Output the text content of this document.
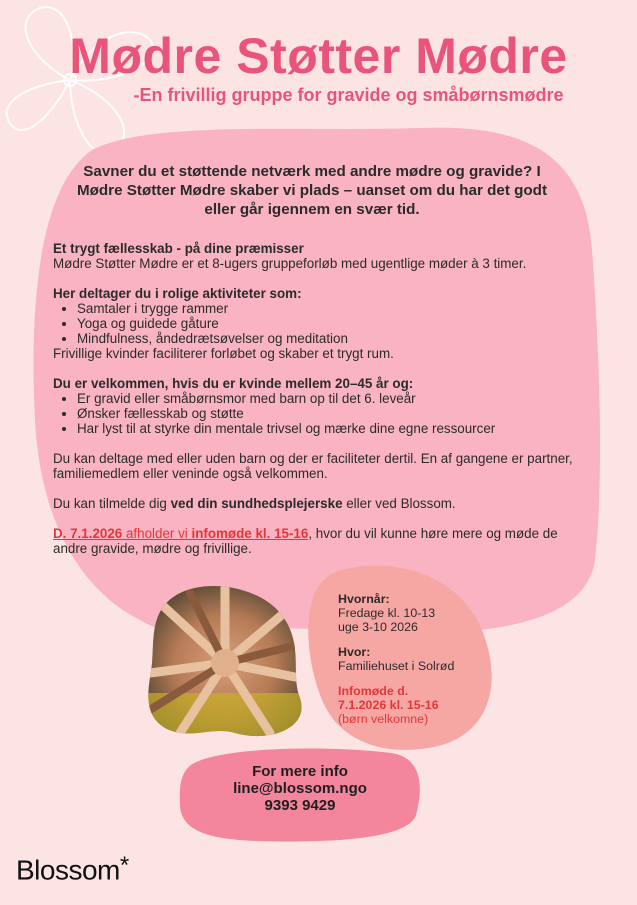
Mødre Støtter Mødre
-En frivillig gruppe for gravide og småbørnsmødre

Savner du et støttende netværk med andre mødre og gravide? I Mødre Støtter Mødre skaber vi plads – uanset om du har det godt eller går igennem en svær tid.

Et trygt fællesskab - på dine præmisser

Mødre Støtter Mødre er et 8-ugers gruppeforløb med ugentlige møder à 3 timer.

Her deltager du i rolige aktiviteter som:

• Samtaler i trygge rammer
• Yoga og guidede gåture
• Mindfulness, åndedrætsøvelser og meditation

Frivillige kvinder faciliterer forløbet og skaber et trygt rum.

Du er velkommen, hvis du er kvinde mellem 20–45 år og:

• Er gravid eller småbørnsmor med barn op til det 6. leveår
• Ønsker fællesskab og støtte
• Har lyst til at styrke din mentale trivsel og mærke dine egne ressourcer

Du kan deltage med eller uden barn og der er faciliteter dertil. En af gangene er partner, familiemedlem eller veninde også velkommen.

Du kan tilmelde dig ved din sundhedsplejerske eller ved Blossom.

D. 7.1.2026 afholder vi infomøde kl. 15-16, hvor du vil kunne høre mere og møde de andre gravide, mødre og frivillige.

Hvornår:
Fredage kl. 10-13
uge 3-10 2026

Hvor:
Familiehuset i Solrød

Infomøde d.
7.1.2026 kl. 15-16
(børn velkomne)

For mere info
line@blossom.ngo
9393 9429
Blossom*
